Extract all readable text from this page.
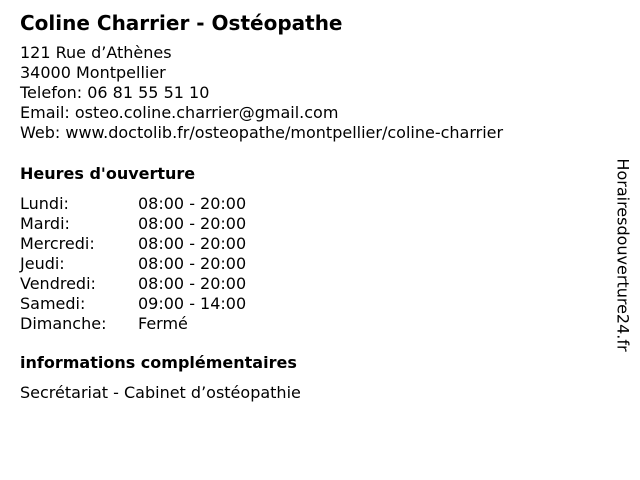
Coline Charrier - Ostéopathe
121 Rue d’Athènes
34000 Montpellier
Telefon: 06 81 55 51 10
Email: osteo.coline.charrier@gmail.com
Web: www.doctolib.fr/osteopathe/montpellier/coline-charrier
Heures d'ouverture
Lundi:	08:00 - 20:00
Mardi:	08:00 - 20:00
Mercredi:	08:00 - 20:00
Jeudi:	08:00 - 20:00
Vendredi:	08:00 - 20:00
Samedi:	09:00 - 14:00
Dimanche: Fermé
informations complémentaires
Secrétariat - Cabinet d’ostéopathie
Horairesdouverture24.fr
